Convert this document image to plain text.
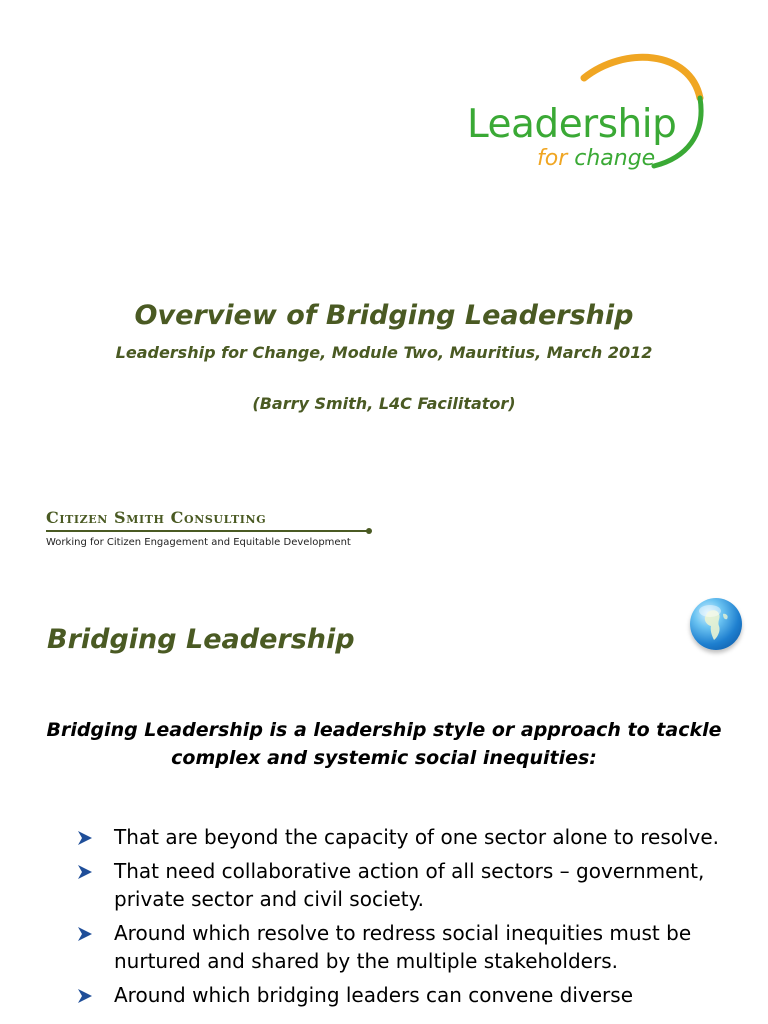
Leadership

for change

Overview of Bridging Leadership

Leadership for Change, Module Two, Mauritius, March 2012

(Barry Smith, L4C Facilitator)

Citizen Smith Consulting

Working for Citizen Engagement and Equitable Development

Bridging Leadership

Bridging Leadership is a leadership style or approach to tackle complex and systemic social inequities:

That are beyond the capacity of one sector alone to resolve.
That need collaborative action of all sectors – government, private sector and civil society.
Around which resolve to redress social inequities must be nurtured and shared by the multiple stakeholders.
Around which bridging leaders can convene diverse
